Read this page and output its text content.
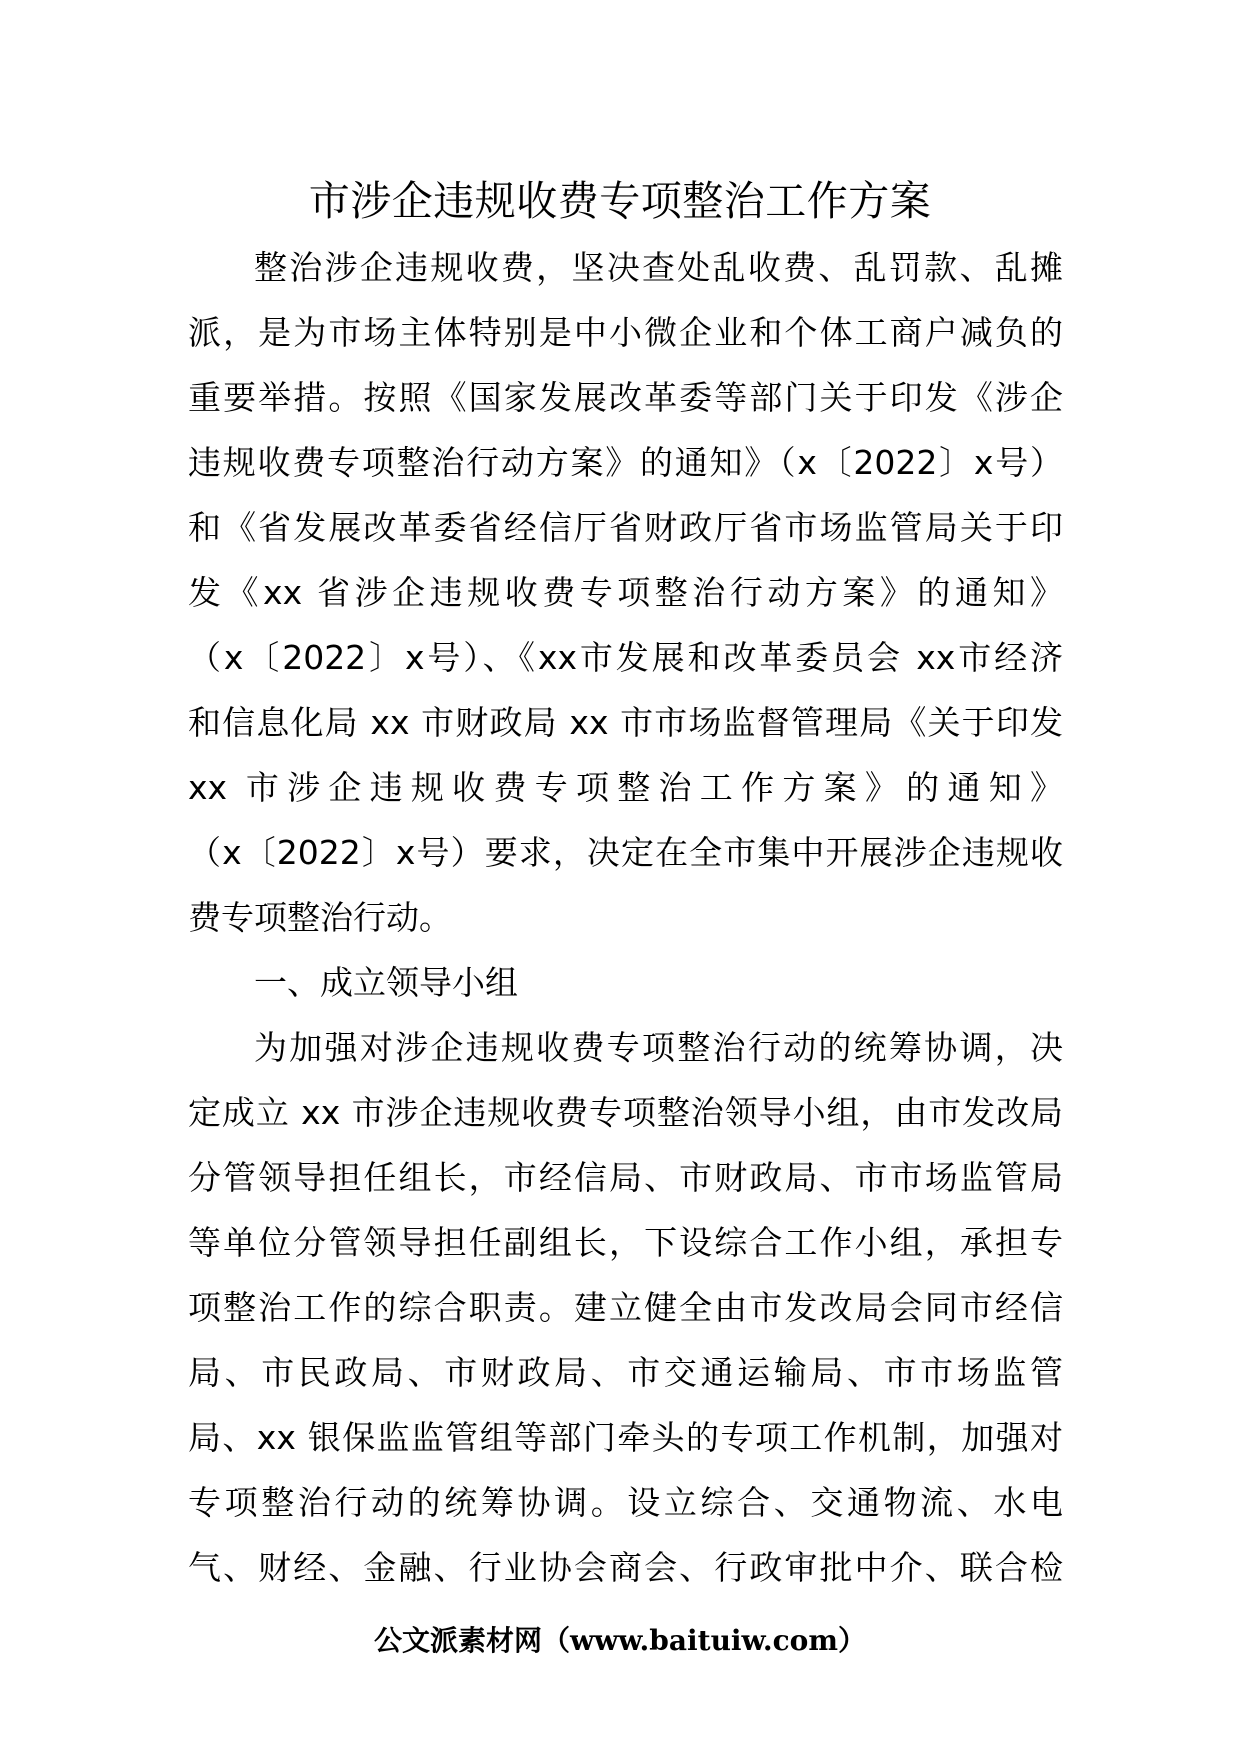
市涉企违规收费专项整治工作方案
整治涉企违规收费，坚决查处乱收费、乱罚款、乱摊
派，是为市场主体特别是中小微企业和个体工商户减负的
重要举措。按照《国家发展改革委等部门关于印发《涉企
违规收费专项整治行动方案》的通知》（x〔2022〕x号）
和《省发展改革委省经信厅省财政厅省市场监管局关于印
发《xx 省涉企违规收费专项整治行动方案》的通知》
（x〔2022〕x号）、《xx市发展和改革委员会 xx市经济
和信息化局 xx 市财政局 xx 市市场监督管理局《关于印发
xx 市涉企违规收费专项整治工作方案》的通知》
（x〔2022〕x号）要求，决定在全市集中开展涉企违规收
费专项整治行动。
一、成立领导小组
为加强对涉企违规收费专项整治行动的统筹协调，决
定成立 xx 市涉企违规收费专项整治领导小组，由市发改局
分管领导担任组长，市经信局、市财政局、市市场监管局
等单位分管领导担任副组长，下设综合工作小组，承担专
项整治工作的综合职责。建立健全由市发改局会同市经信
局、市民政局、市财政局、市交通运输局、市市场监管
局、xx 银保监监管组等部门牵头的专项工作机制，加强对
专项整治行动的统筹协调。设立综合、交通物流、水电
气、财经、金融、行业协会商会、行政审批中介、联合检
公文派素材网（www.baituiw.com）
